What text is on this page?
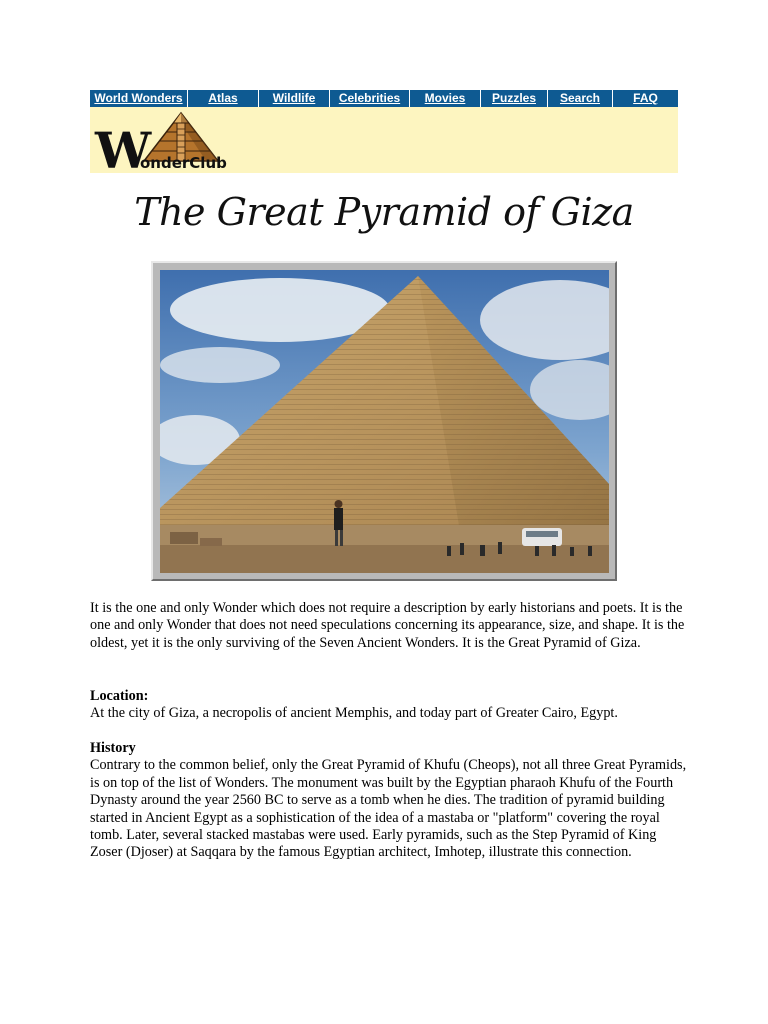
World Wonders	Atlas	Wildlife	Celebrities	Movies	Puzzles	Search	FAQ
W
onderClub
The Great Pyramid of Giza

It is the one and only Wonder which does not require a description by early historians and poets. It is the one and only Wonder that does not need speculations concerning its appearance, size, and shape. It is the oldest, yet it is the only surviving of the Seven Ancient Wonders. It is the Great Pyramid of Giza.

Location:

At the city of Giza, a necropolis of ancient Memphis, and today part of Greater Cairo, Egypt.

History

Contrary to the common belief, only the Great Pyramid of Khufu (Cheops), not all three Great Pyramids, is on top of the list of Wonders. The monument was built by the Egyptian pharaoh Khufu of the Fourth Dynasty around the year 2560 BC to serve as a tomb when he dies. The tradition of pyramid building started in Ancient Egypt as a sophistication of the idea of a mastaba or "platform" covering the royal tomb. Later, several stacked mastabas were used. Early pyramids, such as the Step Pyramid of King Zoser (Djoser) at Saqqara by the famous Egyptian architect, Imhotep, illustrate this connection.
